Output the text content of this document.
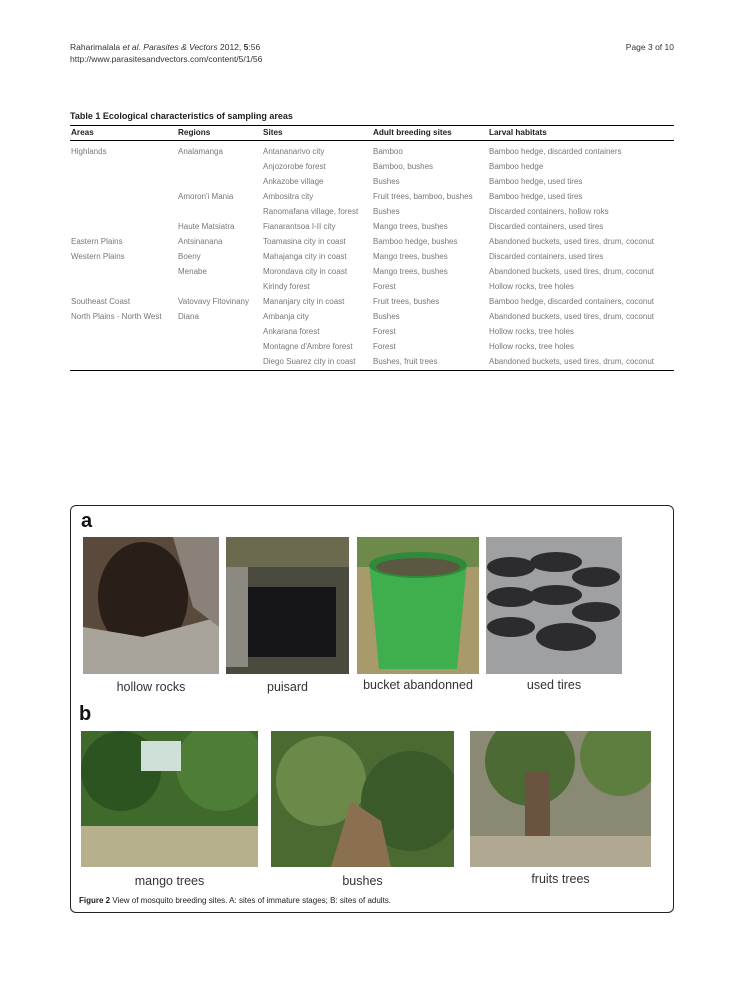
Raharimalala et al. Parasites & Vectors 2012, 5:56
http://www.parasitesandvectors.com/content/5/1/56
Page 3 of 10
Table 1 Ecological characteristics of sampling areas
Areas	Regions	Sites	Adult breeding sites	Larval habitats
Highlands	Analamanga	Antananarivo city	Bamboo	Bamboo hedge, discarded containers
		Anjozorobe forest	Bamboo, bushes	Bamboo hedge
		Ankazobe village	Bushes	Bamboo hedge, used tires
	Amoron'i Mania	Ambositra city	Fruit trees, bamboo, bushes	Bamboo hedge, used tires
		Ranomafana village, forest	Bushes	Discarded containers, hollow roks
	Haute Matsiatra	Fianarantsoa I-II city	Mango trees, bushes	Discarded containers, used tires
Eastern Plains	Antsinanana	Toamasina city in coast	Bamboo hedge, bushes	Abandoned buckets, used tires, drum, coconut
Western Plains	Boeny	Mahajanga city in coast	Mango trees, bushes	Discarded containers, used tires
	Menabe	Morondava city in coast	Mango trees, bushes	Abandoned buckets, used tires, drum, coconut
		Kirindy forest	Forest	Hollow rocks, tree holes
Southeast Coast	Vatovavy Fitovinany	Mananjary city in coast	Fruit trees, bushes	Bamboo hedge, discarded containers, coconut
North Plains - North West	Diana	Ambanja city	Bushes	Abandoned buckets, used tires, drum, coconut
		Ankarana forest	Forest	Hollow rocks, tree holes
		Montagne d'Ambre forest	Forest	Hollow rocks, tree holes
		Diego Suarez city in coast	Bushes, fruit trees	Abandoned buckets, used tires, drum, coconut
a
hollow rocks	puisard	bucket abandonned	used tires
b
mango trees	bushes	fruits trees
Figure 2 View of mosquito breeding sites. A: sites of immature stages; B: sites of adults.
